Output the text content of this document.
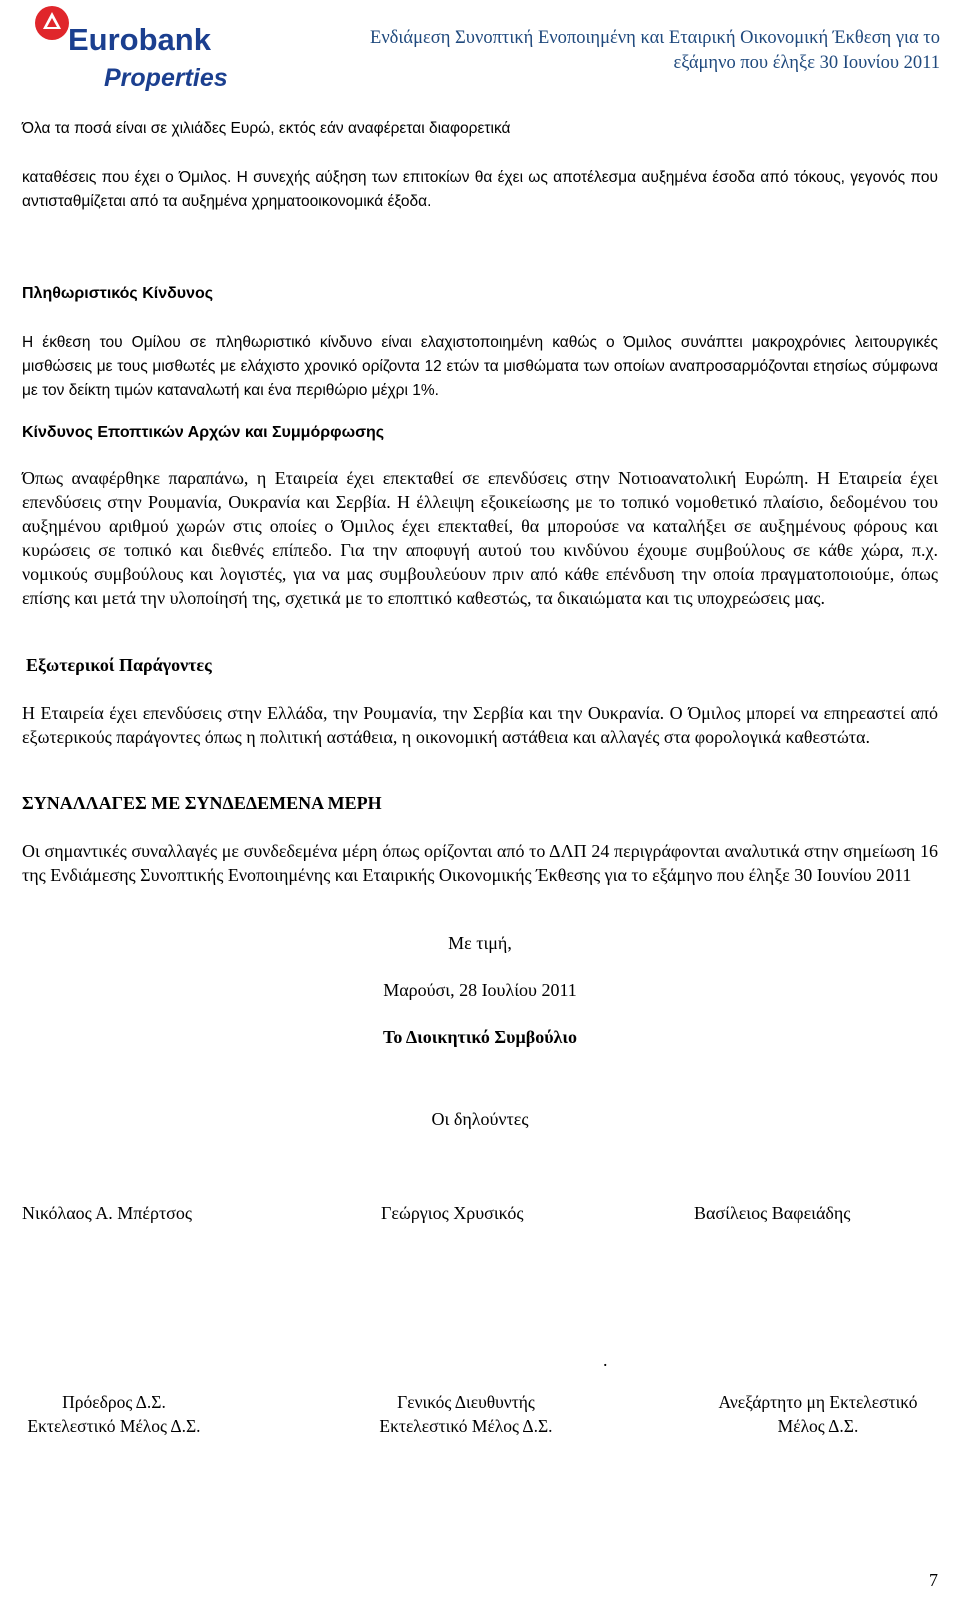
Eurobank
Properties
Ενδιάμεση Συνοπτική Ενοποιημένη και Εταιρική Οικονομική Έκθεση για το
εξάμηνο που έληξε 30 Ιουνίου 2011
Όλα τα ποσά είναι σε χιλιάδες Ευρώ, εκτός εάν αναφέρεται διαφορετικά
καταθέσεις που έχει ο Όμιλος. Η συνεχής αύξηση των επιτοκίων θα έχει ως αποτέλεσμα αυξημένα έσοδα από τόκους, γεγονός που αντισταθμίζεται από τα αυξημένα χρηματοοικονομικά έξοδα.
Πληθωριστικός Κίνδυνος
Η έκθεση του Ομίλου σε πληθωριστικό κίνδυνο είναι ελαχιστοποιημένη καθώς ο Όμιλος συνάπτει μακροχρόνιες λειτουργικές μισθώσεις με τους μισθωτές με ελάχιστο χρονικό ορίζοντα 12 ετών τα μισθώματα των οποίων αναπροσαρμόζονται ετησίως σύμφωνα με τον δείκτη τιμών καταναλωτή και ένα περιθώριο μέχρι 1%.
Κίνδυνος Εποπτικών Αρχών και Συμμόρφωσης
Όπως αναφέρθηκε παραπάνω, η Εταιρεία έχει επεκταθεί σε επενδύσεις στην Νοτιοανατολική Ευρώπη. Η Εταιρεία έχει επενδύσεις στην Ρουμανία, Ουκρανία και Σερβία. Η έλλειψη εξοικείωσης με το τοπικό νομοθετικό πλαίσιο, δεδομένου του αυξημένου αριθμού χωρών στις οποίες ο Όμιλος έχει επεκταθεί, θα μπορούσε να καταλήξει σε αυξημένους φόρους και κυρώσεις σε τοπικό και διεθνές επίπεδο. Για την αποφυγή αυτού του κινδύνου έχουμε συμβούλους σε κάθε χώρα, π.χ. νομικούς συμβούλους και λογιστές, για να μας συμβουλεύουν πριν από κάθε επένδυση την οποία πραγματοποιούμε, όπως επίσης και μετά την υλοποίησή της, σχετικά με το εποπτικό καθεστώς, τα δικαιώματα και τις υποχρεώσεις μας.
Εξωτερικοί Παράγοντες
Η Εταιρεία έχει επενδύσεις στην Ελλάδα, την Ρουμανία, την Σερβία και την Ουκρανία. Ο Όμιλος μπορεί να επηρεαστεί από εξωτερικούς παράγοντες όπως η πολιτική αστάθεια, η οικονομική αστάθεια και αλλαγές στα φορολογικά καθεστώτα.
ΣΥΝΑΛΛΑΓΕΣ ΜΕ ΣΥΝΔΕΔΕΜΕΝΑ ΜΕΡΗ
Οι σημαντικές συναλλαγές με συνδεδεμένα μέρη όπως ορίζονται από το ΔΛΠ 24 περιγράφονται αναλυτικά στην σημείωση 16 της Ενδιάμεσης Συνοπτικής Ενοποιημένης και Εταιρικής Οικονομικής Έκθεσης για το εξάμηνο που έληξε 30 Ιουνίου 2011
Με τιμή,
Μαρούσι, 28 Ιουλίου 2011
Το Διοικητικό Συμβούλιο
Οι δηλούντες
Νικόλαος Α. Μπέρτσος	Γεώργιος Χρυσικός	Βασίλειος Βαφειάδης
.
Πρόεδρος Δ.Σ.
Εκτελεστικό Μέλος Δ.Σ.
Γενικός Διευθυντής
Εκτελεστικό Μέλος Δ.Σ.
Ανεξάρτητο μη Εκτελεστικό
Μέλος Δ.Σ.
7
